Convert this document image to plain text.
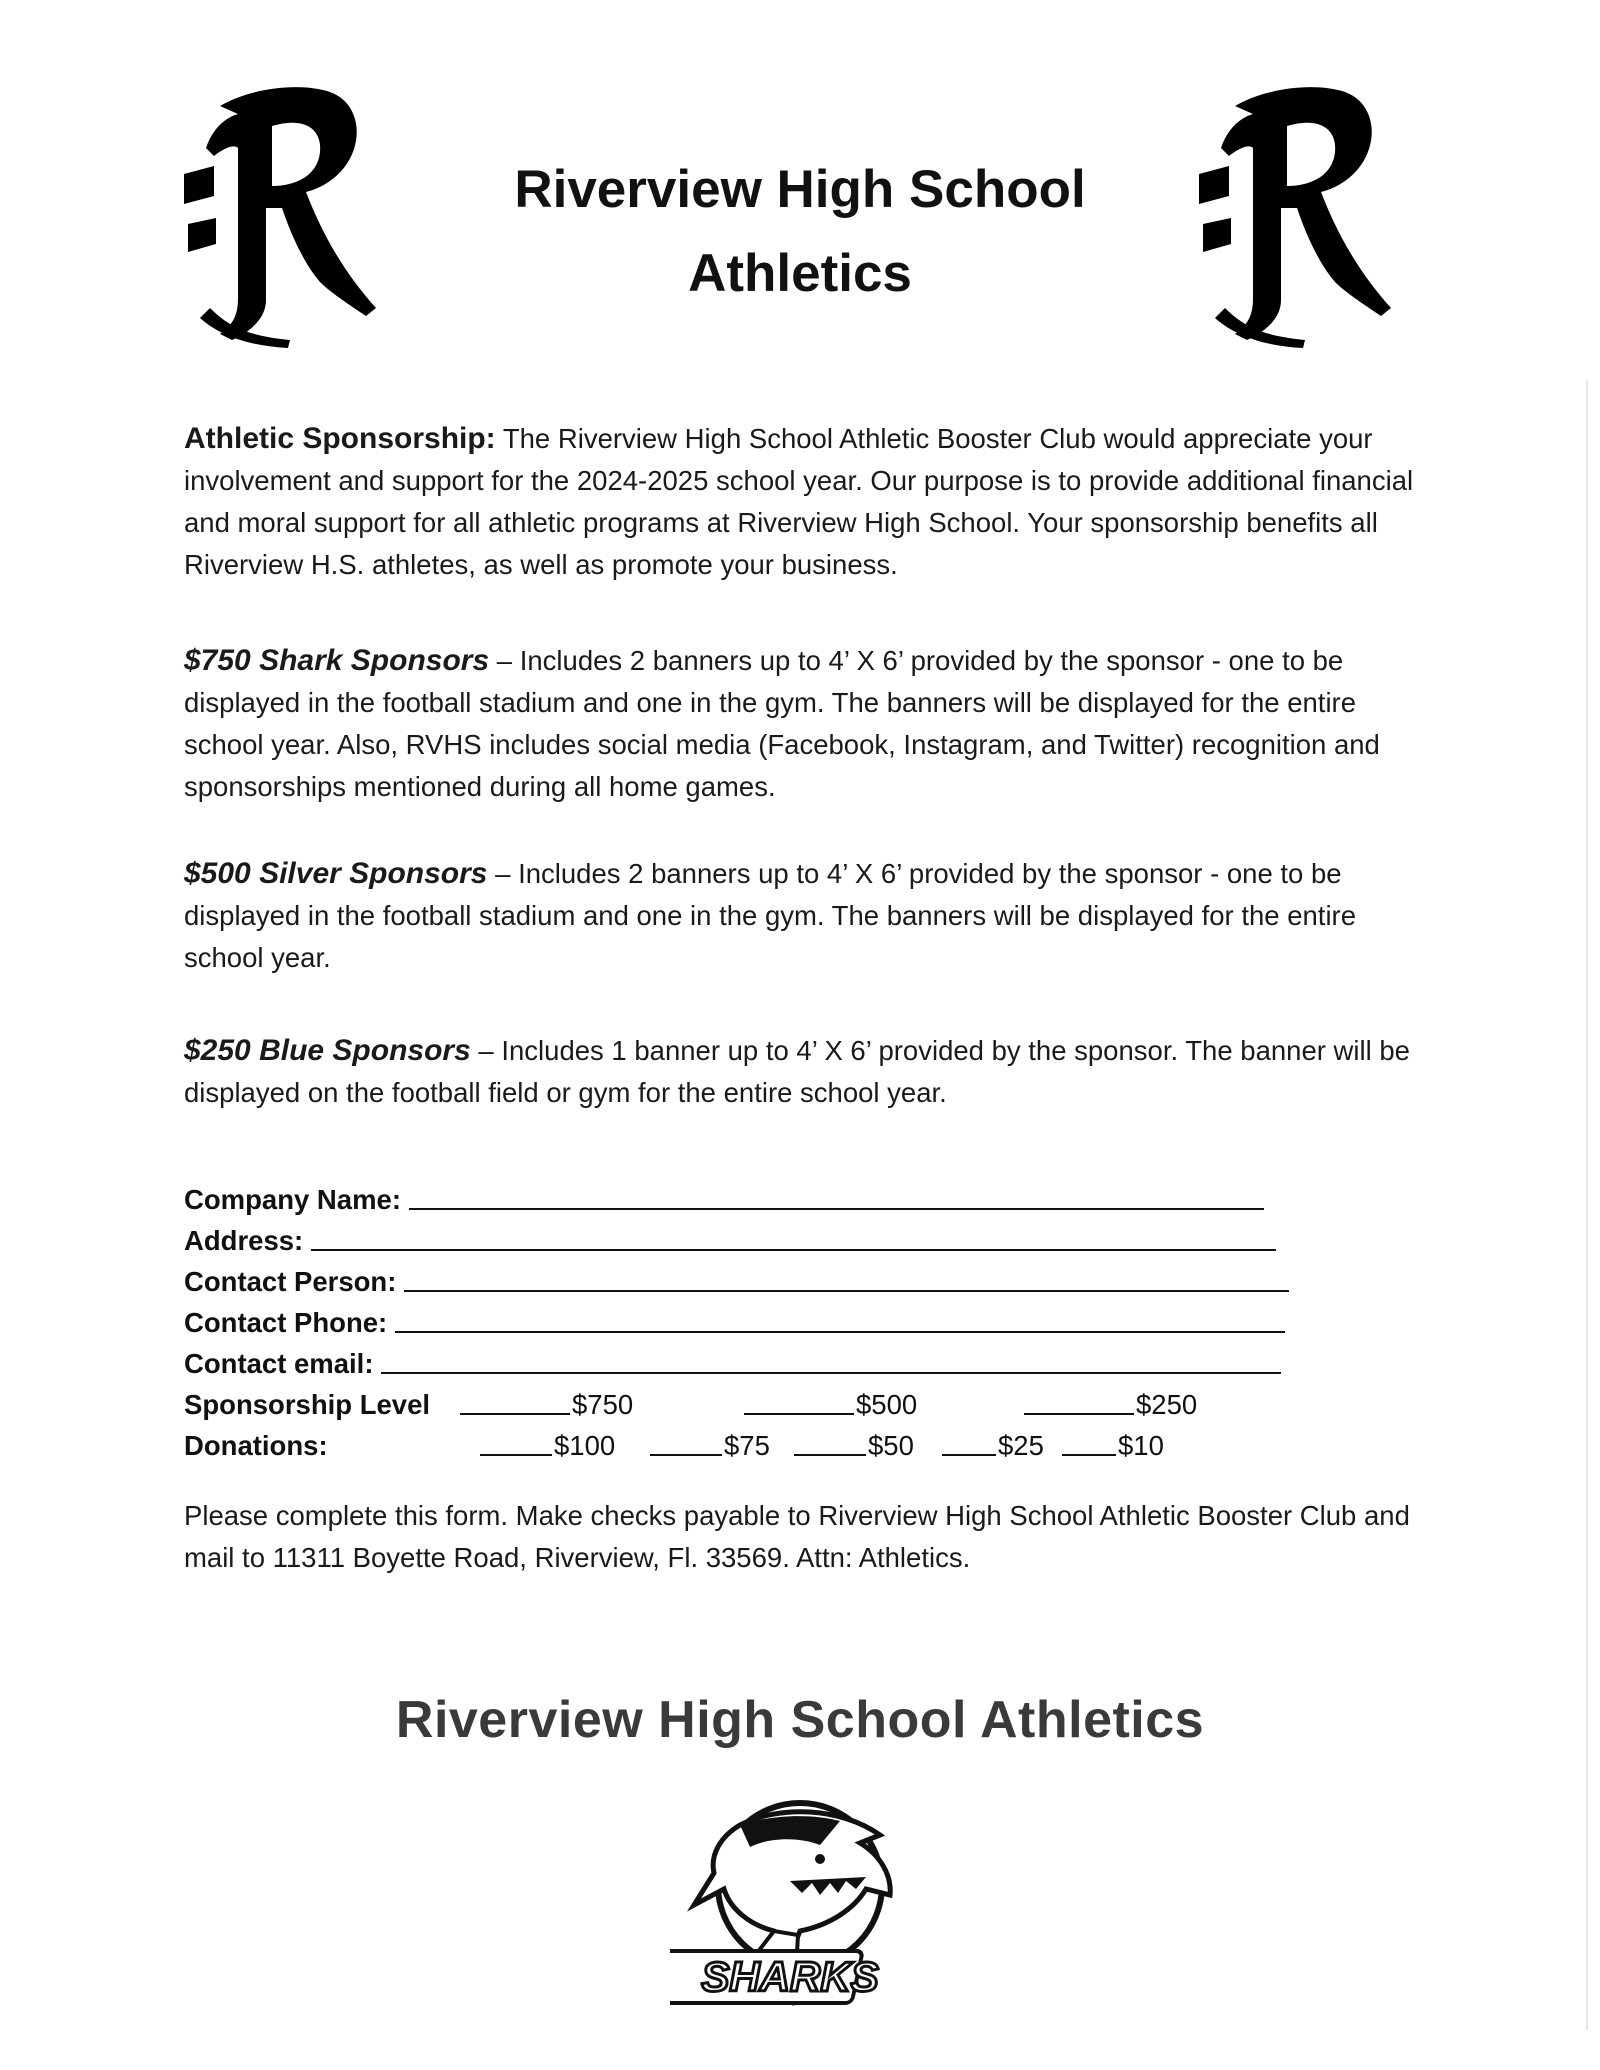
Riverview High School
Athletics
Athletic Sponsorship: The Riverview High School Athletic Booster Club would appreciate your involvement and support for the 2024-2025 school year. Our purpose is to provide additional financial and moral support for all athletic programs at Riverview High School. Your sponsorship benefits all Riverview H.S. athletes, as well as promote your business.
$750 Shark Sponsors – Includes 2 banners up to 4’ X 6’ provided by the sponsor - one to be displayed in the football stadium and one in the gym. The banners will be displayed for the entire school year. Also, RVHS includes social media (Facebook, Instagram, and Twitter) recognition and sponsorships mentioned during all home games.
$500 Silver Sponsors – Includes 2 banners up to 4’ X 6’ provided by the sponsor - one to be displayed in the football stadium and one in the gym. The banners will be displayed for the entire school year.
$250 Blue Sponsors – Includes 1 banner up to 4’ X 6’ provided by the sponsor. The banner will be displayed on the football field or gym for the entire school year.
Company Name:
Address:
Contact Person:
Contact Phone:
Contact email:
Sponsorship Level	$750	$500	$250
Donations:	$100	$75	$50	$25	$10
Please complete this form. Make checks payable to Riverview High School Athletic Booster Club and mail to 11311 Boyette Road, Riverview, Fl. 33569. Attn: Athletics.
Riverview High School Athletics
SHARKS
